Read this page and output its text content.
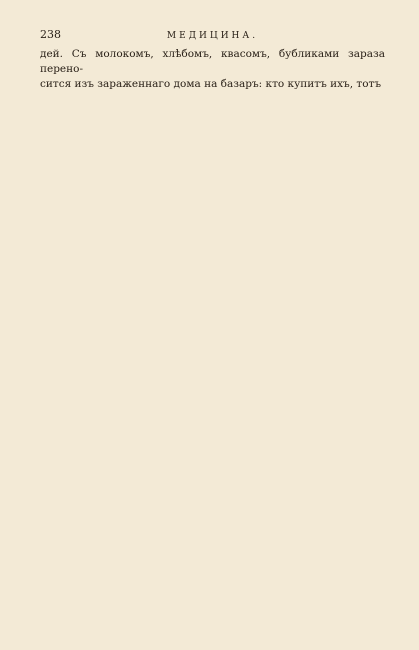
238	МЕДИЦИНА.

дей. Съ молокомъ, хлѣбомъ, квасомъ, бубликами зараза перено-

сится изъ зараженнаго дома на базаръ: кто купитъ ихъ, тотъ
